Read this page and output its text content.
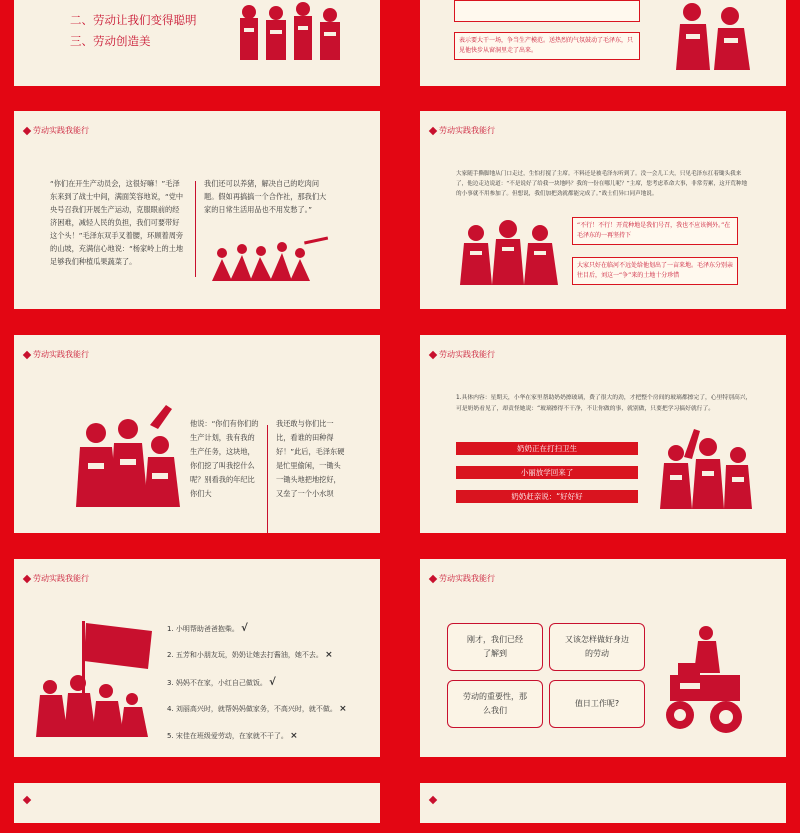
二、劳动让我们变得聪明
三、劳动创造美	表示要大干一场，争当生产模范。送热烈的气氛鼓动了毛泽东，只见他快步从窗洞里走了出来。
劳动实践我能行
“你们在开生产动员会，这很好嘛！”毛泽东来到了战士中间，满面笑容地说，“党中央号召我们开展生产运动，克服眼前的经济困难，减轻人民的负担，我们可要带好这个头！”毛泽东双手叉着腰，环顾着周旁的山坡，充满信心地说：“杨家岭上的土地足够我们种植瓜果蔬菜了。
我们还可以养猪，解决自己的吃肉问题。假如再搞搞一个合作社，那我们大家的日常生活用品也不用发愁了。”
劳动实践我能行
大家随手撕脚地从门口走过，生怕打搅了主席。不料还是被毛泽东听到了。没一会儿工夫，只见毛泽东扛着锄头我来了，他边走边说道：“不是说好了给我一块地吗？我的一份在哪儿呢？”主席，您考虑革命大事，非常劳累，这开荒种地的小事就不用参加了。但想说，我们加把劲就都能完成了。”战士们异口同声地说。
“不行！不行！开荒种地是我们号召，我也不应该例外。”在毛泽东的一再坚持下
大家只好在临河不远处给他划出了一亩来地。毛泽东分别亲往目后，刘这一“争”来的土地十分珍惜
劳动实践我能行
他说：“你们有你们的生产计划，我有我的生产任务，这块地，你们挖了叫我挖什么呢？别看我的年纪比你们大
我还敢与你们比一比，看谁的田种得好！”此后，毛泽东硬是忙里偷闲，一锄头一锄头地把地挖好，又垒了一个小水坝
劳动实践我能行
1.具体内容：星期天，小华在家里帮助奶奶擦玻璃，费了很大的劲，才把整个房间的玻璃都擦完了，心里特别高兴，可是奶奶看见了，却责怪她说：“玻璃擦得不干净，不让你做的事，就别做，只要把学习搞好就行了。
奶奶正在打扫卫生
小丽放学回来了
奶奶赶亲说：“好好好
劳动实践我能行
1. 小明帮助爸爸抱柴。 √
2. 五芳和小朋友玩，奶奶让她去打酱油，她不去。 ×
3. 妈妈不在家，小红自己做饭。 √
4. 刘丽高兴时，就帮妈妈做家务，不高兴时，就不做。 ×
5. 宋佳在班级爱劳动，在家就不干了。 ×
劳动实践我能行
刚才，我们已经了解到
又该怎样做好身边的劳动
劳动的重要性，那么我们
值日工作呢?
